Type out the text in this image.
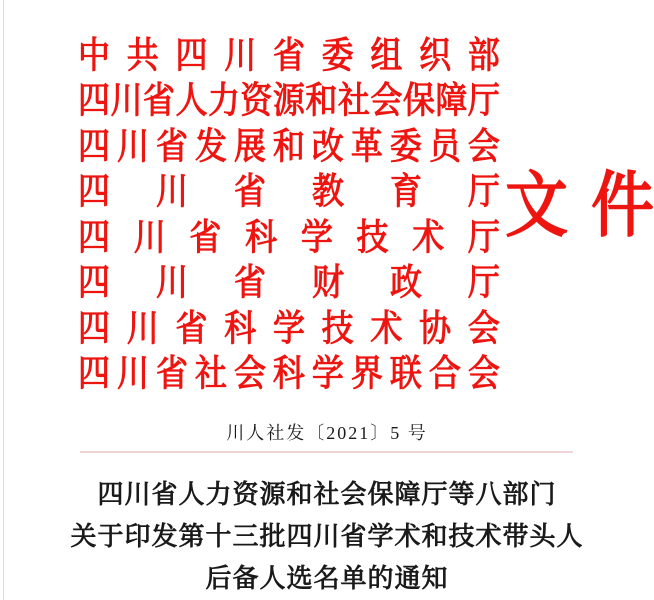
中 共 四 川 省 委 组 织 部
四 川 省 人 力 资 源 和 社 会 保 障 厅
四 川 省 发 展 和 改 革 委 员 会
四 川 省 教 育 厅
四 川 省 科 学 技 术 厅
四 川 省 财 政 厅
四 川 省 科 学 技 术 协 会
四 川 省 社 会 科 学 界 联 合 会
文 件
川人社发〔2021〕5 号
四川省人力资源和社会保障厅等八部门
关于印发第十三批四川省学术和技术带头人
后备人选名单的通知
